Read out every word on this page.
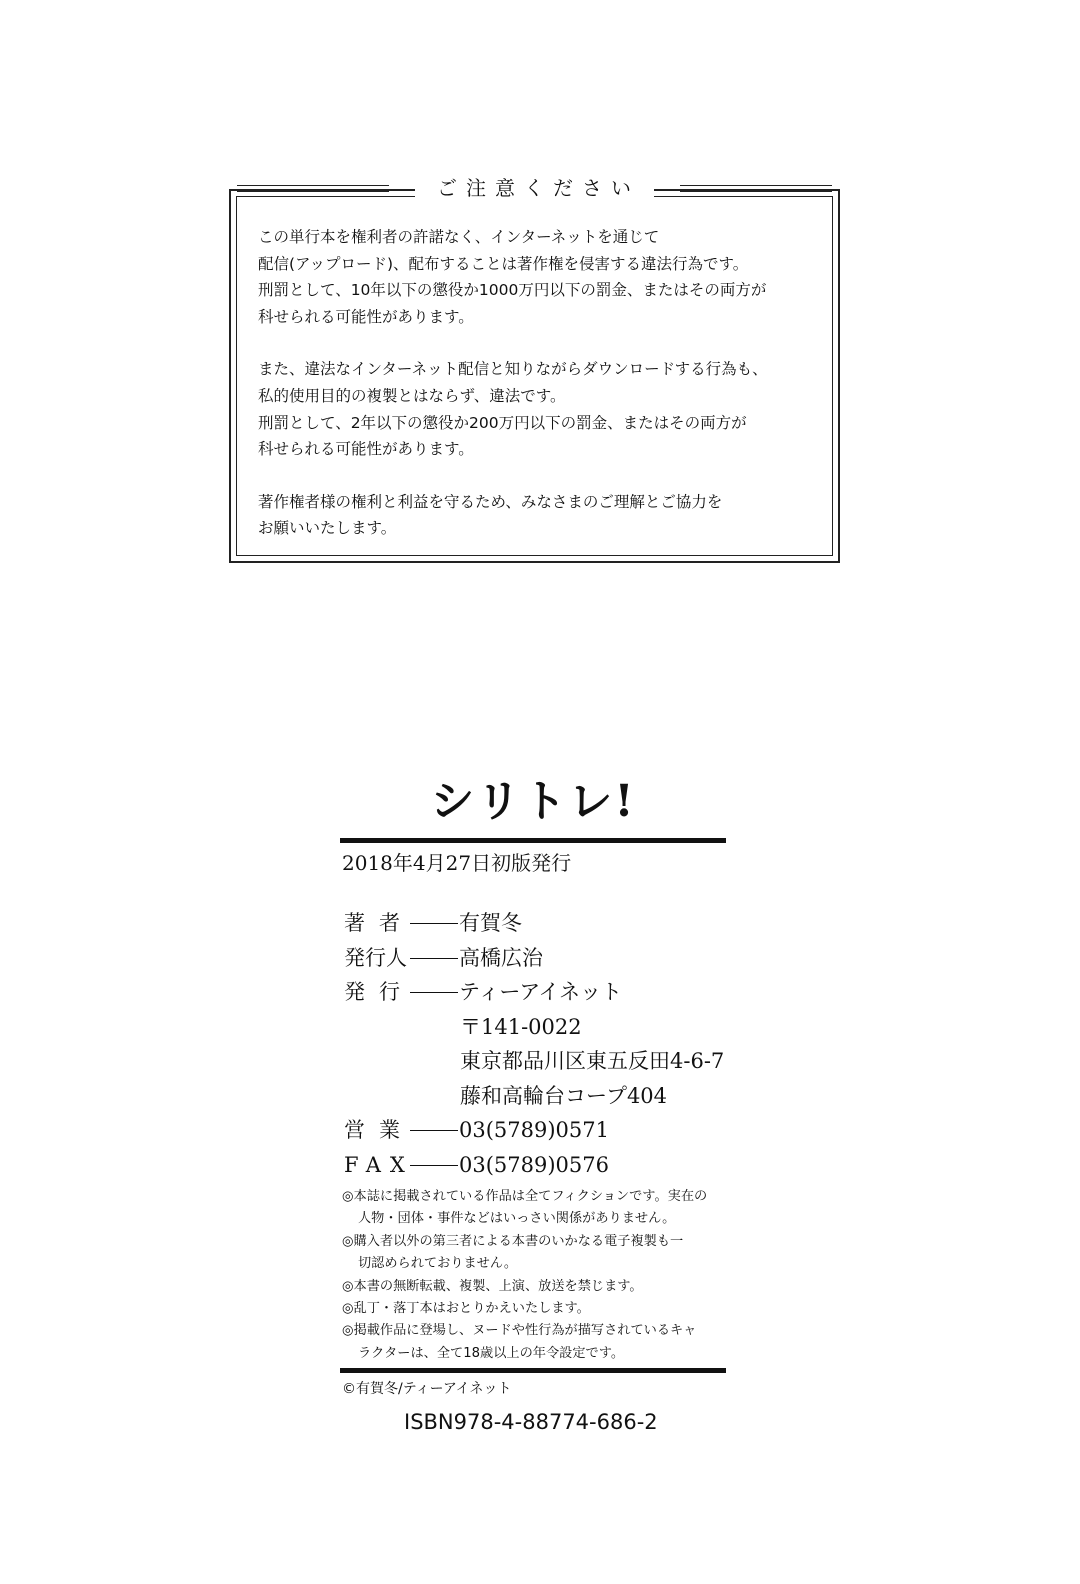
ご注意ください

この単行本を権利者の許諾なく、インターネットを通じて

配信(アップロード)、配布することは著作権を侵害する違法行為です。

刑罰として、10年以下の懲役か1000万円以下の罰金、またはその両方が

科せられる可能性があります。

また、違法なインターネット配信と知りながらダウンロードする行為も、

私的使用目的の複製とはならず、違法です。

刑罰として、2年以下の懲役か200万円以下の罰金、またはその両方が

科せられる可能性があります。

著作権者様の権利と利益を守るため、みなさまのご理解とご協力を

お願いいたします。

シリトレ!
2018年4月27日初版発行
著者 有賀冬
発行人 高橋広治
発行 ティーアイネット
〒141-0022
東京都品川区東五反田4-6-7
藤和高輪台コープ404
営業 03(5789)0571
FAX 03(5789)0576

◎本誌に掲載されている作品は全てフィクションです。実在の

人物・団体・事件などはいっさい関係がありません。

◎購入者以外の第三者による本書のいかなる電子複製も一

切認められておりません。

◎本書の無断転載、複製、上演、放送を禁じます。

◎乱丁・落丁本はおとりかえいたします。

◎掲載作品に登場し、ヌードや性行為が描写されているキャ

ラクターは、全て18歳以上の年令設定です。

©有賀冬/ティーアイネット
ISBN978-4-88774-686-2
